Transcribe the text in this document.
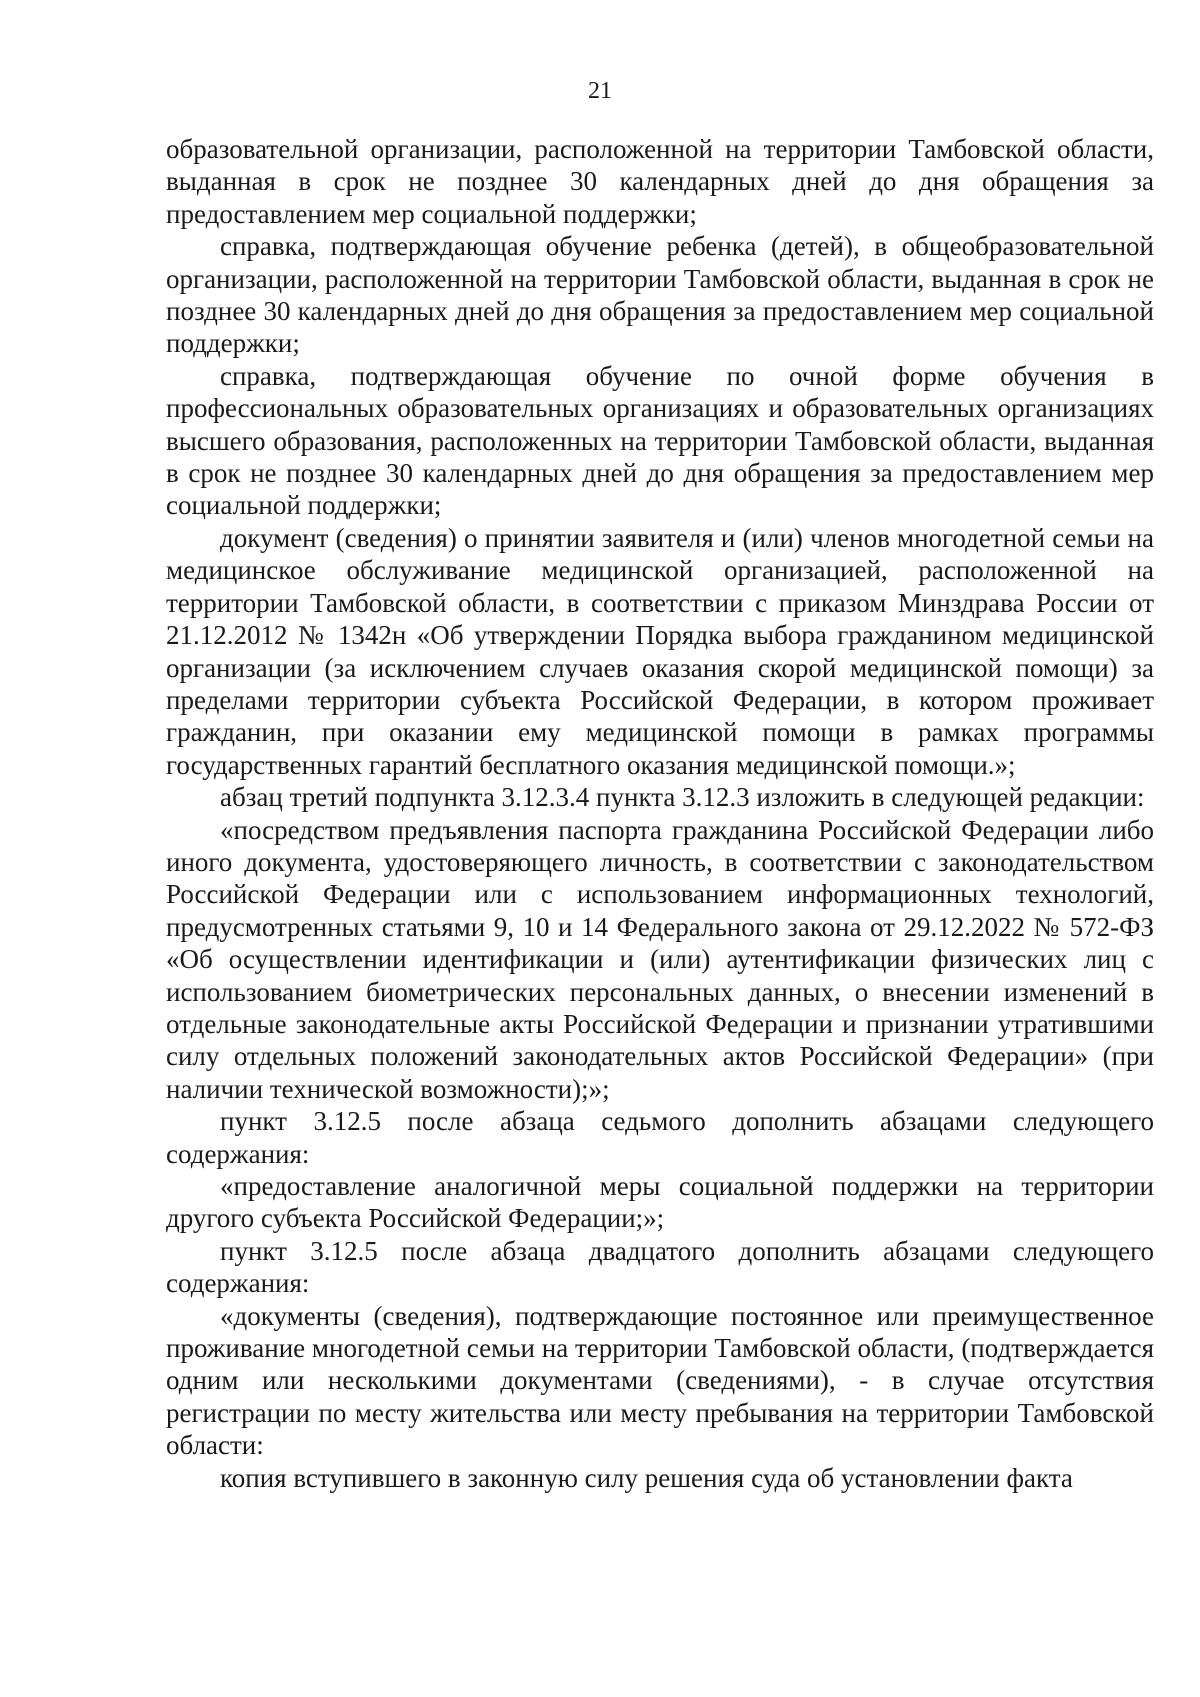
21

образовательной организации, расположенной на территории Тамбовской области, выданная в срок не позднее 30 календарных дней до дня обращения за предоставлением мер социальной поддержки;

справка, подтверждающая обучение ребенка (детей), в общеобразовательной организации, расположенной на территории Тамбовской области, выданная в срок не позднее 30 календарных дней до дня обращения за предоставлением мер социальной поддержки;

справка, подтверждающая обучение по очной форме обучения в профессиональных образовательных организациях и образовательных организациях высшего образования, расположенных на территории Тамбовской области, выданная в срок не позднее 30 календарных дней до дня обращения за предоставлением мер социальной поддержки;

документ (сведения) о принятии заявителя и (или) членов многодетной семьи на медицинское обслуживание медицинской организацией, расположенной на территории Тамбовской области, в соответствии с приказом Минздрава России от 21.12.2012 № 1342н «Об утверждении Порядка выбора гражданином медицинской организации (за исключением случаев оказания скорой медицинской помощи) за пределами территории субъекта Российской Федерации, в котором проживает гражданин, при оказании ему медицинской помощи в рамках программы государственных гарантий бесплатного оказания медицинской помощи.»;

абзац третий подпункта 3.12.3.4 пункта 3.12.3 изложить в следующей редакции:

«посредством предъявления паспорта гражданина Российской Федерации либо иного документа, удостоверяющего личность, в соответствии с законодательством Российской Федерации или с использованием информационных технологий, предусмотренных статьями 9, 10 и 14 Федерального закона от 29.12.2022 № 572-ФЗ «Об осуществлении идентификации и (или) аутентификации физических лиц с использованием биометрических персональных данных, о внесении изменений в отдельные законодательные акты Российской Федерации и признании утратившими силу отдельных положений законодательных актов Российской Федерации» (при наличии технической возможности);»;

пункт 3.12.5 после абзаца седьмого дополнить абзацами следующего содержания:

«предоставление аналогичной меры социальной поддержки на территории другого субъекта Российской Федерации;»;

пункт 3.12.5 после абзаца двадцатого дополнить абзацами следующего содержания:

«документы (сведения), подтверждающие постоянное или преимущественное проживание многодетной семьи на территории Тамбовской области, (подтверждается одним или несколькими документами (сведениями), - в случае отсутствия регистрации по месту жительства или месту пребывания на территории Тамбовской области:

копия вступившего в законную силу решения суда об установлении факта
